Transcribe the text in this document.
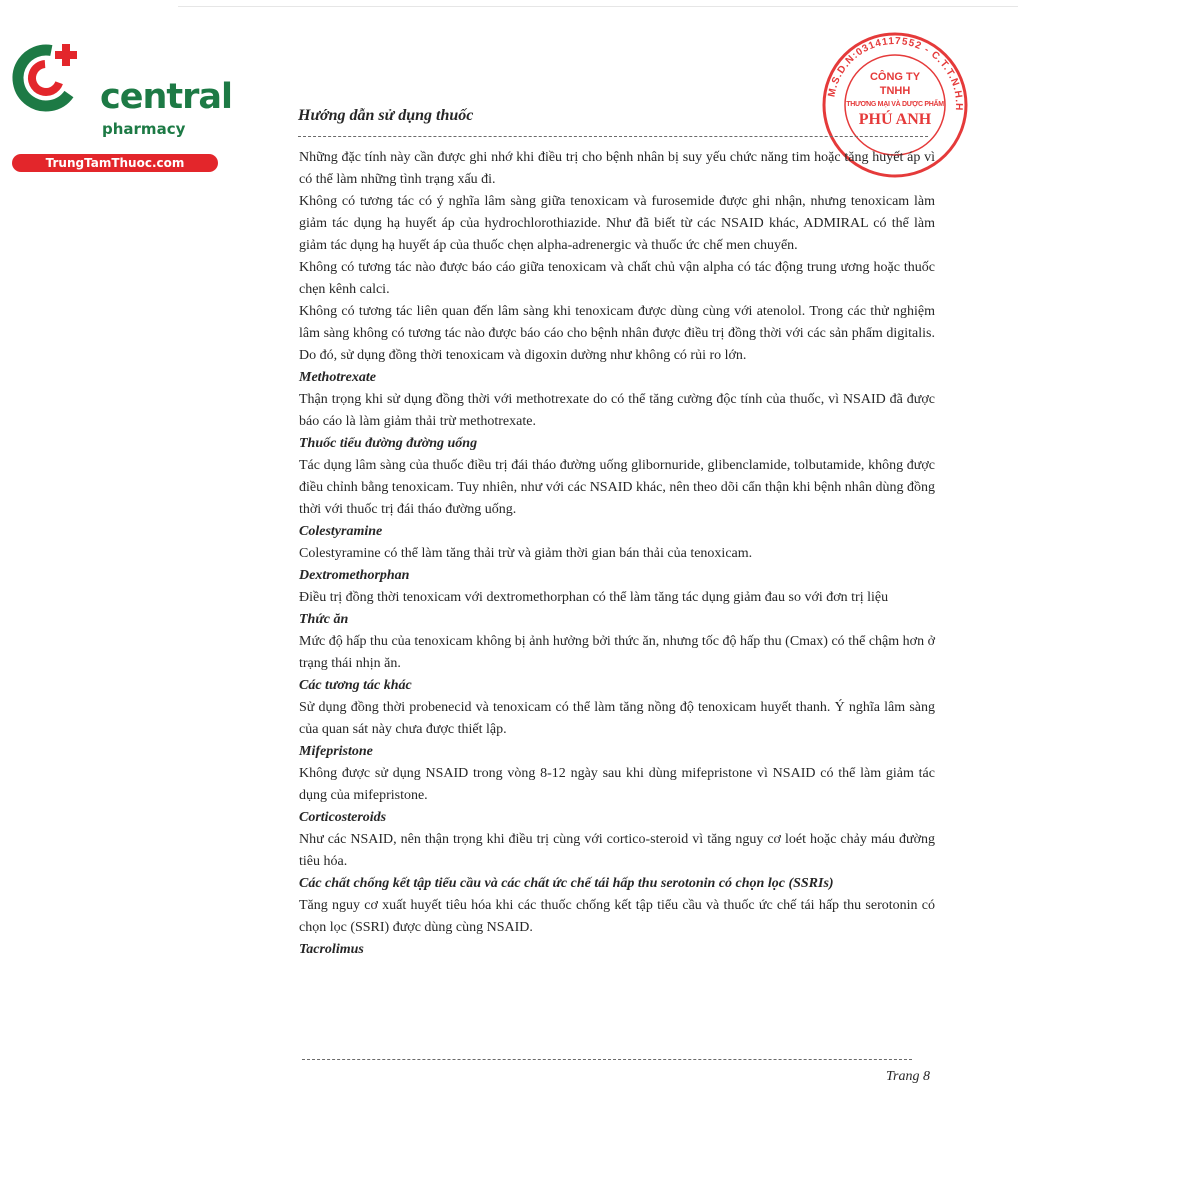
central
pharmacy
TrungTamThuoc.com
M.S.D.N:0314117552 - C.T.T.N.H.H
CÔNG TY
TNHH
THƯƠNG MẠI VÀ DƯỢC PHẨM
PHÚ ANH
Hướng dẫn sử dụng thuốc

Những đặc tính này cần được ghi nhớ khi điều trị cho bệnh nhân bị suy yếu chức năng tim hoặc tăng huyết áp vì có thể làm những tình trạng xấu đi.

Không có tương tác có ý nghĩa lâm sàng giữa tenoxicam và furosemide được ghi nhận, nhưng tenoxicam làm giảm tác dụng hạ huyết áp của hydrochlorothiazide. Như đã biết từ các NSAID khác, ADMIRAL có thể làm giảm tác dụng hạ huyết áp của thuốc chẹn alpha-adrenergic và thuốc ức chế men chuyển.

Không có tương tác nào được báo cáo giữa tenoxicam và chất chủ vận alpha có tác động trung ương hoặc thuốc chẹn kênh calci.

Không có tương tác liên quan đến lâm sàng khi tenoxicam được dùng cùng với atenolol. Trong các thử nghiệm lâm sàng không có tương tác nào được báo cáo cho bệnh nhân được điều trị đồng thời với các sản phẩm digitalis. Do đó, sử dụng đồng thời tenoxicam và digoxin dường như không có rủi ro lớn.

Methotrexate

Thận trọng khi sử dụng đồng thời với methotrexate do có thể tăng cường độc tính của thuốc, vì NSAID đã được báo cáo là làm giảm thải trừ methotrexate.

Thuốc tiểu đường đường uống

Tác dụng lâm sàng của thuốc điều trị đái tháo đường uống glibornuride, glibenclamide, tolbutamide, không được điều chỉnh bằng tenoxicam. Tuy nhiên, như với các NSAID khác, nên theo dõi cẩn thận khi bệnh nhân dùng đồng thời với thuốc trị đái tháo đường uống.

Colestyramine

Colestyramine có thể làm tăng thải trừ và giảm thời gian bán thải của tenoxicam.

Dextromethorphan

Điều trị đồng thời tenoxicam với dextromethorphan có thể làm tăng tác dụng giảm đau so với đơn trị liệu

Thức ăn

Mức độ hấp thu của tenoxicam không bị ảnh hưởng bởi thức ăn, nhưng tốc độ hấp thu (Cmax) có thể chậm hơn ở trạng thái nhịn ăn.

Các tương tác khác

Sử dụng đồng thời probenecid và tenoxicam có thể làm tăng nồng độ tenoxicam huyết thanh. Ý nghĩa lâm sàng của quan sát này chưa được thiết lập.

Mifepristone

Không được sử dụng NSAID trong vòng 8-12 ngày sau khi dùng mifepristone vì NSAID có thể làm giảm tác dụng của mifepristone.

Corticosteroids

Như các NSAID, nên thận trọng khi điều trị cùng với cortico-steroid vì tăng nguy cơ loét hoặc chảy máu đường tiêu hóa.

Các chất chống kết tập tiểu cầu và các chất ức chế tái hấp thu serotonin có chọn lọc (SSRIs)

Tăng nguy cơ xuất huyết tiêu hóa khi các thuốc chống kết tập tiểu cầu và thuốc ức chế tái hấp thu serotonin có chọn lọc (SSRI) được dùng cùng NSAID.

Tacrolimus
Trang 8
